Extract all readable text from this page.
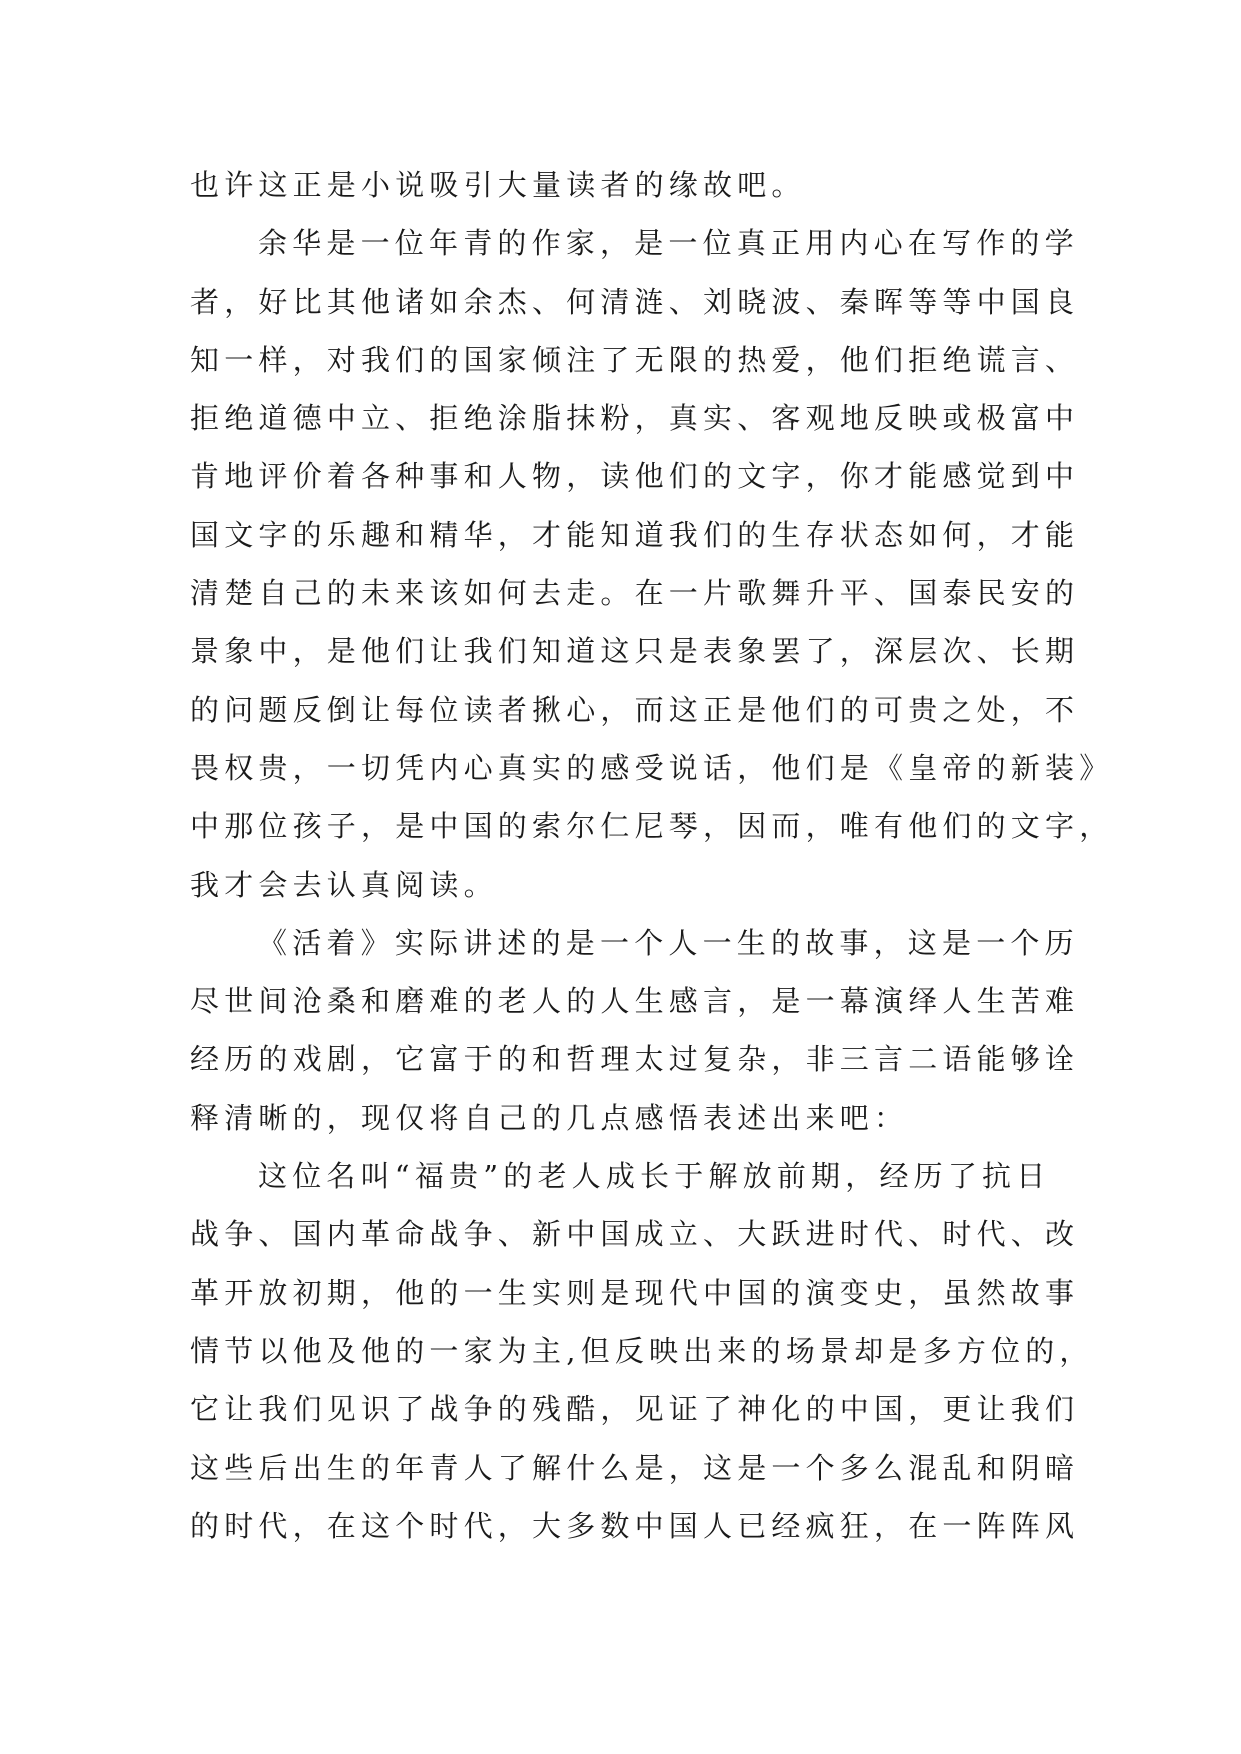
也许这正是小说吸引大量读者的缘故吧。
余华是一位年青的作家，是一位真正用内心在写作的学
者，好比其他诸如余杰、何清涟、刘晓波、秦晖等等中国良
知一样，对我们的国家倾注了无限的热爱，他们拒绝谎言、
拒绝道德中立、拒绝涂脂抹粉，真实、客观地反映或极富中
肯地评价着各种事和人物，读他们的文字，你才能感觉到中
国文字的乐趣和精华，才能知道我们的生存状态如何，才能
清楚自己的未来该如何去走。在一片歌舞升平、国泰民安的
景象中，是他们让我们知道这只是表象罢了，深层次、长期
的问题反倒让每位读者揪心，而这正是他们的可贵之处，不
畏权贵，一切凭内心真实的感受说话，他们是《皇帝的新装》
中那位孩子，是中国的索尔仁尼琴，因而，唯有他们的文字，
我才会去认真阅读。
《活着》实际讲述的是一个人一生的故事，这是一个历
尽世间沧桑和磨难的老人的人生感言，是一幕演绎人生苦难
经历的戏剧，它富于的和哲理太过复杂，非三言二语能够诠
释清晰的，现仅将自己的几点感悟表述出来吧：
这位名叫“福贵”的老人成长于解放前期，经历了抗日
战争、国内革命战争、新中国成立、大跃进时代、时代、改
革开放初期，他的一生实则是现代中国的演变史，虽然故事
情节以他及他的一家为主,但反映出来的场景却是多方位的，
它让我们见识了战争的残酷，见证了神化的中国，更让我们
这些后出生的年青人了解什么是，这是一个多么混乱和阴暗
的时代，在这个时代，大多数中国人已经疯狂，在一阵阵风
